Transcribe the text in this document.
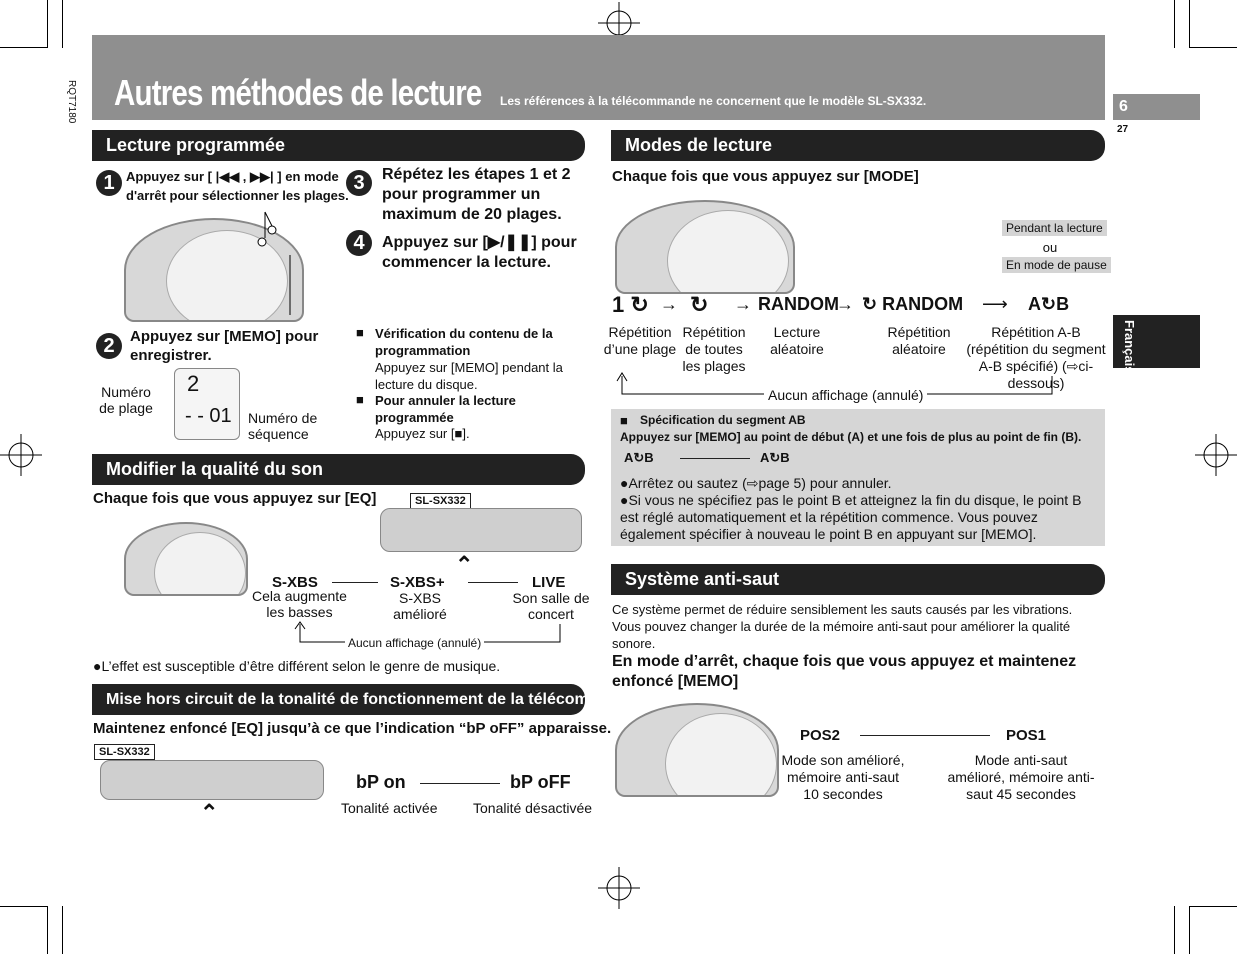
Autres méthodes de lecture Les références à la télécommande ne concernent que le modèle SL-SX332.
RQT7180	6
27
Français
Lecture programmée
1 Appuyez sur [ |◀◀ , ▶▶| ] en mode d'arrêt pour sélectionner les plages.
2	Appuyez sur [MEMO] pour enregistrer.
2
- - 01
Numéro de plage
Numéro de séquence
3	Répétez les étapes 1 et 2 pour programmer un maximum de 20 plages.
4	Appuyez sur [▶/❚❚] pour commencer la lecture.
■ Vérification du contenu de la programmation
Appuyez sur [MEMO] pendant la lecture du disque.
■ Pour annuler la lecture programmée
Appuyez sur [■].
Modifier la qualité du son
Chaque fois que vous appuyez sur [EQ]	SL-SX332
⌃
S-XBS	S-XBS+	LIVE
Cela augmente les basses
S-XBS amélioré
Son salle de concert
Aucun affichage (annulé)
●L’effet est susceptible d’être différent selon le genre de musique.
Mise hors circuit de la tonalité de fonctionnement de la télécommande
Maintenez enfoncé [EQ] jusqu’à ce que l’indication “bP oFF” apparaisse.
SL-SX332
⌃
bP on	bP oFF
Tonalité activée	Tonalité désactivée
Modes de lecture
Chaque fois que vous appuyez sur [MODE]
Pendant la lecture
ou
En mode de pause
1 ↻ → ↻ → RANDOM
→ ↻ RANDOM ⟶ A↻B
Répétition d’une plage
Répétition de toutes les plages
Lecture aléatoire
Répétition aléatoire
Répétition A-B (répétition du segment A-B spécifié) (⇨ci-dessous)
Aucun affichage (annulé)
■ Spécification du segment AB
Appuyez sur [MEMO] au point de début (A) et une fois de plus au point de fin (B).
A↻B	A↻B
●Arrêtez ou sautez (⇨page 5) pour annuler.
●Si vous ne spécifiez pas le point B et atteignez la fin du disque, le point B est réglé automatiquement et la répétition commence. Vous pouvez également spécifier à nouveau le point B en appuyant sur [MEMO].
Système anti-saut
Ce système permet de réduire sensiblement les sauts causés par les vibrations. Vous pouvez changer la durée de la mémoire anti-saut pour améliorer la qualité sonore.
En mode d’arrêt, chaque fois que vous appuyez et maintenez enfoncé [MEMO]
POS2	POS1
Mode son amélioré, mémoire anti-saut 10 secondes
Mode anti-saut amélioré, mémoire anti-saut 45 secondes
